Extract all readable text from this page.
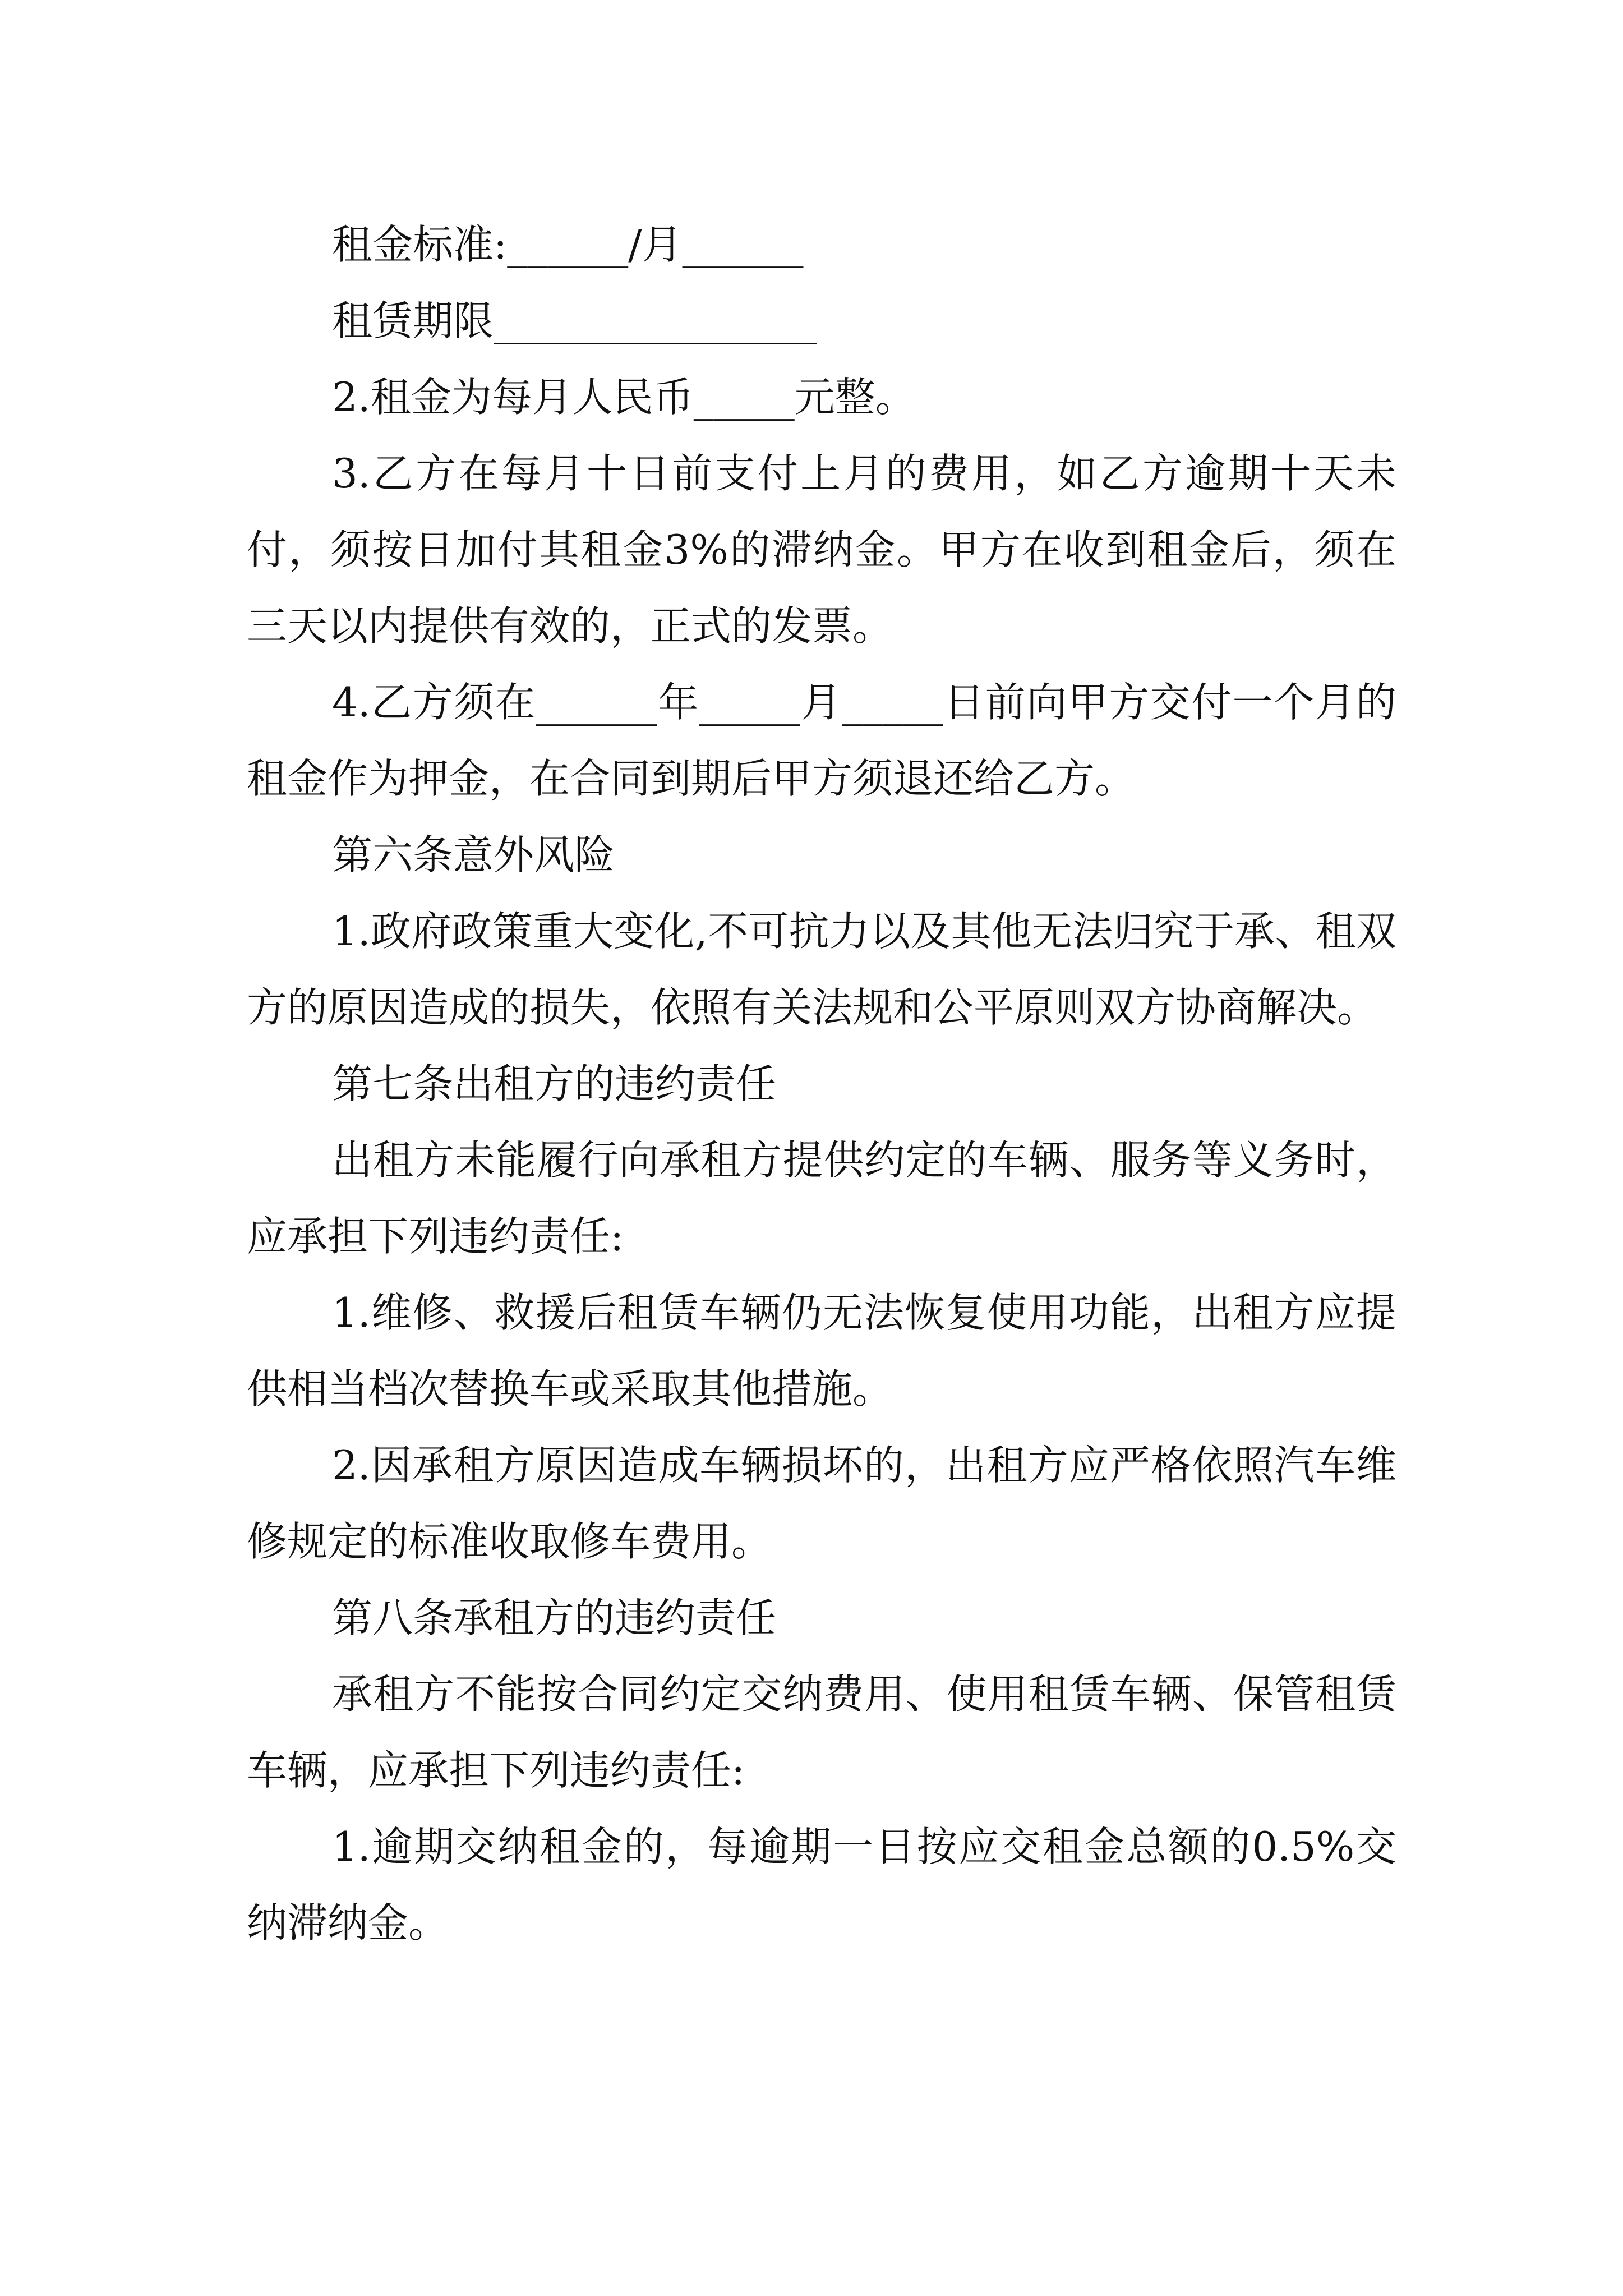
租金标准:______/月______

租赁期限________________

2.租金为每月人民币_____元整。

3.乙方在每月十日前支付上月的费用，如乙方逾期十天未付，须按日加付其租金3%的滞纳金。甲方在收到租金后，须在三天以内提供有效的，正式的发票。

4.乙方须在______年_____月_____日前向甲方交付一个月的租金作为押金，在合同到期后甲方须退还给乙方。

第六条意外风险

1.政府政策重大变化,不可抗力以及其他无法归究于承、租双方的原因造成的损失，依照有关法规和公平原则双方协商解决。

第七条出租方的违约责任

出租方未能履行向承租方提供约定的车辆、服务等义务时，应承担下列违约责任:

1.维修、救援后租赁车辆仍无法恢复使用功能，出租方应提供相当档次替换车或采取其他措施。

2.因承租方原因造成车辆损坏的，出租方应严格依照汽车维修规定的标准收取修车费用。

第八条承租方的违约责任

承租方不能按合同约定交纳费用、使用租赁车辆、保管租赁车辆，应承担下列违约责任:

1.逾期交纳租金的，每逾期一日按应交租金总额的0.5%交纳滞纳金。
